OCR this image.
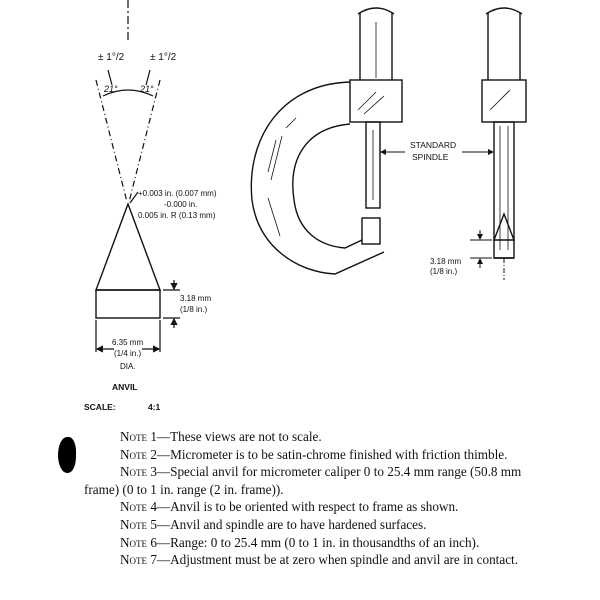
± 1°/2	± 1°/2
21° 21°
+0.003 in. (0.007 mm)
-0.000 in.
0.005 in. R (0.13 mm)
3.18 mm
(1/8 in.)
6.35 mm
(1/4 in.)
DIA.
ANVIL
SCALE:	4:1
STANDARD
SPINDLE
3.18 mm
(1/8 in.)

Note 1—These views are not to scale.

Note 2—Micrometer is to be satin-chrome finished with friction thimble.

Note 3—Special anvil for micrometer caliper 0 to 25.4 mm range (50.8 mm frame) (0 to 1 in. range (2 in. frame)).

Note 4—Anvil is to be oriented with respect to frame as shown.

Note 5—Anvil and spindle are to have hardened surfaces.

Note 6—Range: 0 to 25.4 mm (0 to 1 in. in thousandths of an inch).

Note 7—Adjustment must be at zero when spindle and anvil are in contact.
